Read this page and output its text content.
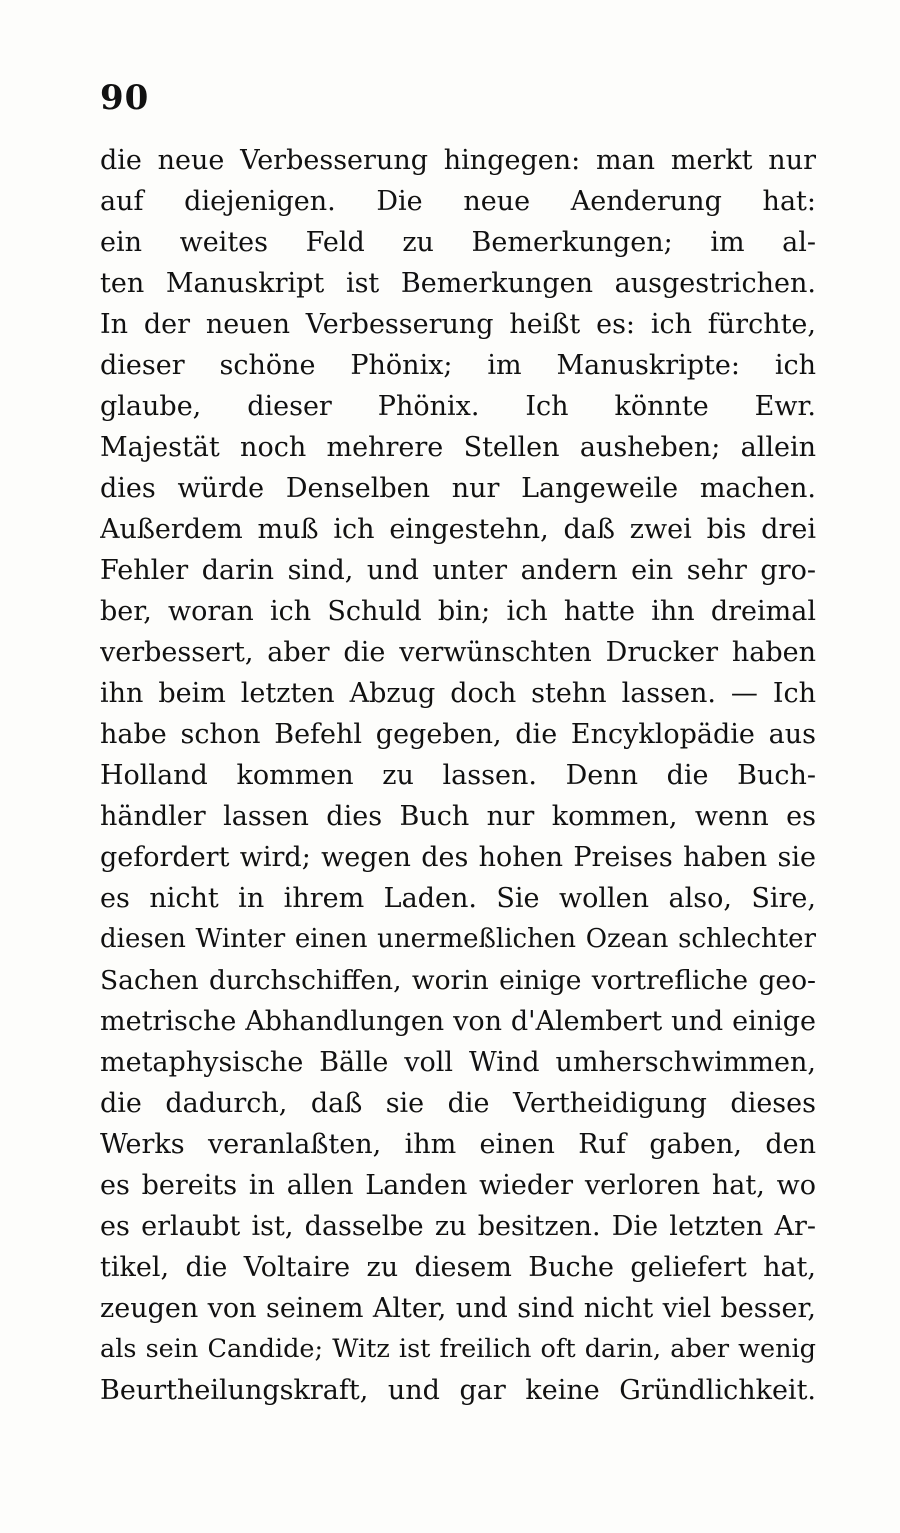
90
die neue Verbesserung hingegen: man merkt nur
auf diejenigen. Die neue Aenderung hat:
ein weites Feld zu Bemerkungen; im al-
ten Manuskript ist Bemerkungen ausgestrichen.
In der neuen Verbesserung heißt es: ich fürchte,
dieser schöne Phönix; im Manuskripte: ich
glaube, dieser Phönix. Ich könnte Ewr.
Majestät noch mehrere Stellen ausheben; allein
dies würde Denselben nur Langeweile machen.
Außerdem muß ich eingestehn, daß zwei bis drei
Fehler darin sind, und unter andern ein sehr gro-
ber, woran ich Schuld bin; ich hatte ihn dreimal
verbessert, aber die verwünschten Drucker haben
ihn beim letzten Abzug doch stehn lassen. — Ich
habe schon Befehl gegeben, die Encyklopädie aus
Holland kommen zu lassen. Denn die Buch-
händler lassen dies Buch nur kommen, wenn es
gefordert wird; wegen des hohen Preises haben sie
es nicht in ihrem Laden. Sie wollen also, Sire,
diesen Winter einen unermeßlichen Ozean schlechter
Sachen durchschiffen, worin einige vortrefliche geo-
metrische Abhandlungen von d'Alembert und einige
metaphysische Bälle voll Wind umherschwimmen,
die dadurch, daß sie die Vertheidigung dieses
Werks veranlaßten, ihm einen Ruf gaben, den
es bereits in allen Landen wieder verloren hat, wo
es erlaubt ist, dasselbe zu besitzen. Die letzten Ar-
tikel, die Voltaire zu diesem Buche geliefert hat,
zeugen von seinem Alter, und sind nicht viel besser,
als sein Candide; Witz ist freilich oft darin, aber wenig
Beurtheilungskraft, und gar keine Gründlichkeit.
